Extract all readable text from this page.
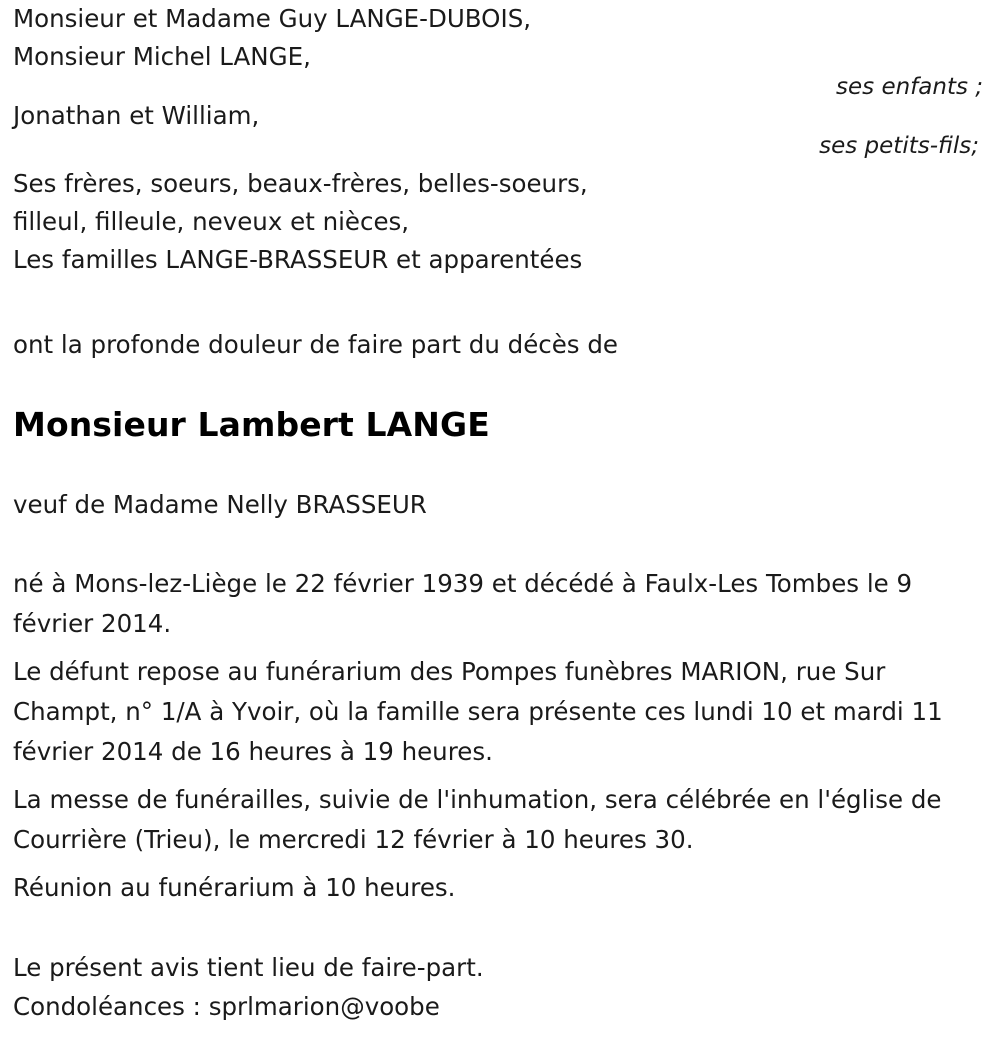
Monsieur et Madame Guy LANGE-DUBOIS,
Monsieur Michel LANGE,
ses enfants ;
Jonathan et William,
ses petits-fils;
Ses frères, soeurs, beaux-frères, belles-soeurs,
filleul, filleule, neveux et nièces,
Les familles LANGE-BRASSEUR et apparentées
ont la profonde douleur de faire part du décès de
Monsieur Lambert LANGE
veuf de Madame Nelly BRASSEUR
né à Mons-lez-Liège le 22 février 1939 et décédé à Faulx-Les Tombes le 9 février 2014.
Le défunt repose au funérarium des Pompes funèbres MARION, rue Sur Champt, n° 1/A à Yvoir, où la famille sera présente ces lundi 10 et mardi 11 février 2014 de 16 heures à 19 heures.
La messe de funérailles, suivie de l'inhumation, sera célébrée en l'église de Courrière (Trieu), le mercredi 12 février à 10 heures 30.
Réunion au funérarium à 10 heures.
Le présent avis tient lieu de faire-part.
Condoléances : sprlmarion@voobe
